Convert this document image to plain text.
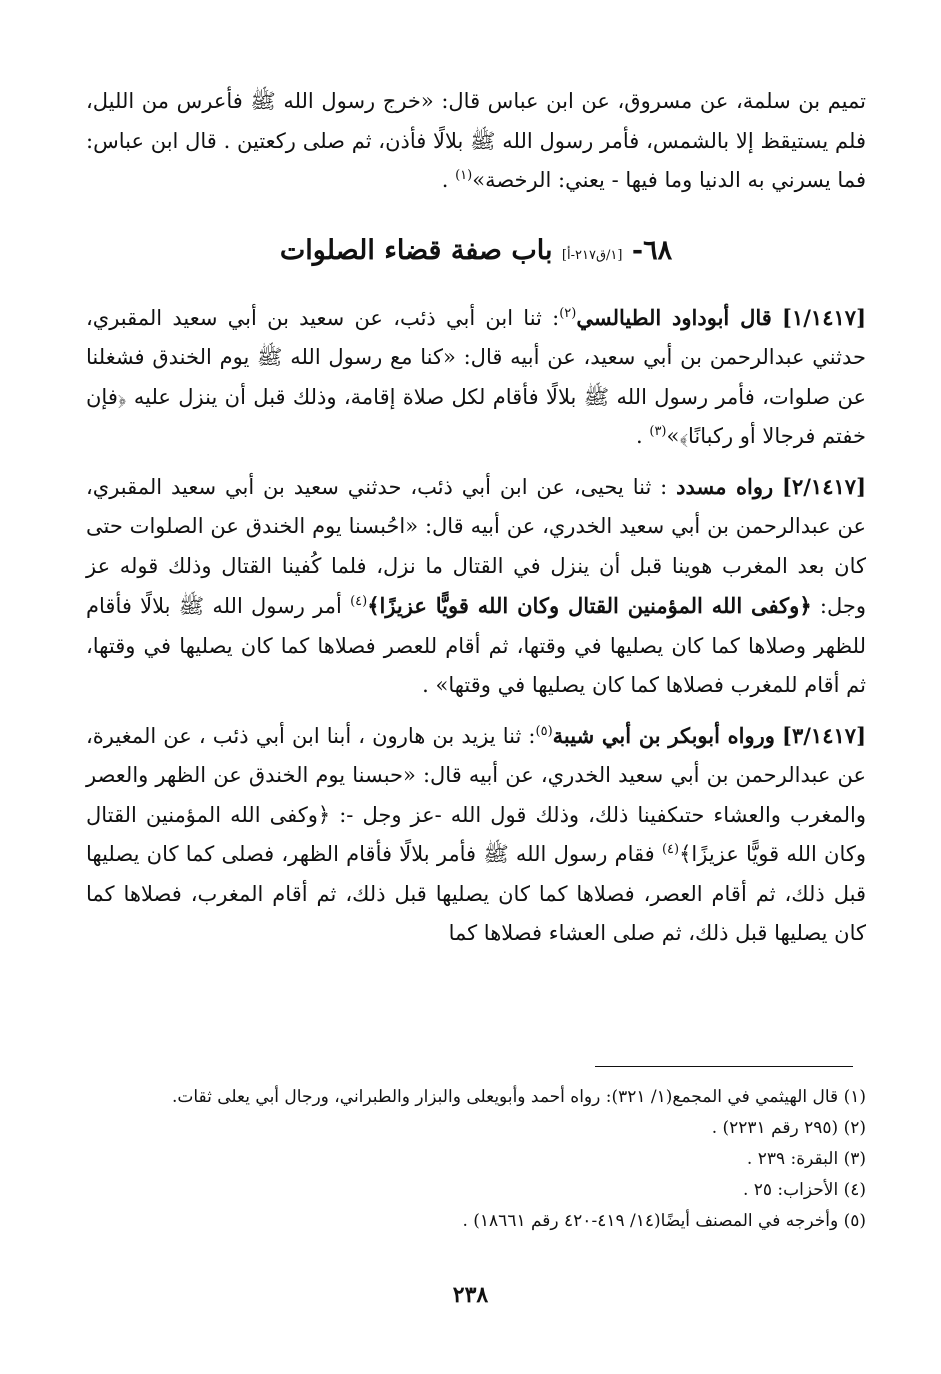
تميم بن سلمة، عن مسروق، عن ابن عباس قال: «خرج رسول الله ﷺ فأعرس من الليل، فلم يستيقظ إلا بالشمس، فأمر رسول الله ﷺ بلالًا فأذن، ثم صلى ركعتين . قال ابن عباس: فما يسرني به الدنيا وما فيها - يعني: الرخصة»$^{(١)}$ .

٦٨- [١/ق٢١٧-أ] باب صفة قضاء الصلوات

[١/١٤١٧] قال أبوداود الطيالسي$^{(٢)}$: ثنا ابن أبي ذئب، عن سعيد بن أبي سعيد المقبري، حدثني عبدالرحمن بن أبي سعيد، عن أبيه قال: «كنا مع رسول الله ﷺ يوم الخندق فشغلنا عن صلوات، فأمر رسول الله ﷺ بلالًا فأقام لكل صلاة إقامة، وذلك قبل أن ينزل عليه ﴿فإن خفتم فرجالا أو ركبانًا﴾»$^{(٣)}$ .

[٢/١٤١٧] رواه مسدد : ثنا يحيى، عن ابن أبي ذئب، حدثني سعيد بن أبي سعيد المقبري، عن عبدالرحمن بن أبي سعيد الخدري، عن أبيه قال: «احُبسنا يوم الخندق عن الصلوات حتى كان بعد المغرب هوينا قبل أن ينزل في القتال ما نزل، فلما كُفينا القتال وذلك قوله عز وجل: ﴿وكفى الله المؤمنين القتال وكان الله قويًّا عزيزًا﴾$^{(٤)}$ أمر رسول الله ﷺ بلالًا فأقام للظهر وصلاها كما كان يصليها في وقتها، ثم أقام للعصر فصلاها كما كان يصليها في وقتها، ثم أقام للمغرب فصلاها كما كان يصليها في وقتها» .

[٣/١٤١٧] ورواه أبوبكر بن أبي شيبة$^{(٥)}$: ثنا يزيد بن هارون ، أبنا ابن أبي ذئب ، عن المغيرة، عن عبدالرحمن بن أبي سعيد الخدري، عن أبيه قال: «حبسنا يوم الخندق عن الظهر والعصر والمغرب والعشاء حتىكفينا ذلك، وذلك قول الله -عز وجل -: ﴿وكفى الله المؤمنين القتال وكان الله قويًّا عزيزًا﴾$^{(٤)}$ فقام رسول الله ﷺ فأمر بلالًا فأقام الظهر، فصلى كما كان يصليها قبل ذلك، ثم أقام العصر، فصلاها كما كان يصليها قبل ذلك، ثم أقام المغرب، فصلاها كما كان يصليها قبل ذلك، ثم صلى العشاء فصلاها كما

(١) قال الهيثمي في المجمع(١/ ٣٢١): رواه أحمد وأبويعلى والبزار والطبراني، ورجال أبي يعلى ثقات.
(٢) (٢٩٥ رقم ٢٢٣١) .
(٣) البقرة: ٢٣٩ .
(٤) الأحزاب: ٢٥ .
(٥) وأخرجه في المصنف أيضًا(١٤/ ٤١٩-٤٢٠ رقم ١٨٦٦١) .
٢٣٨
